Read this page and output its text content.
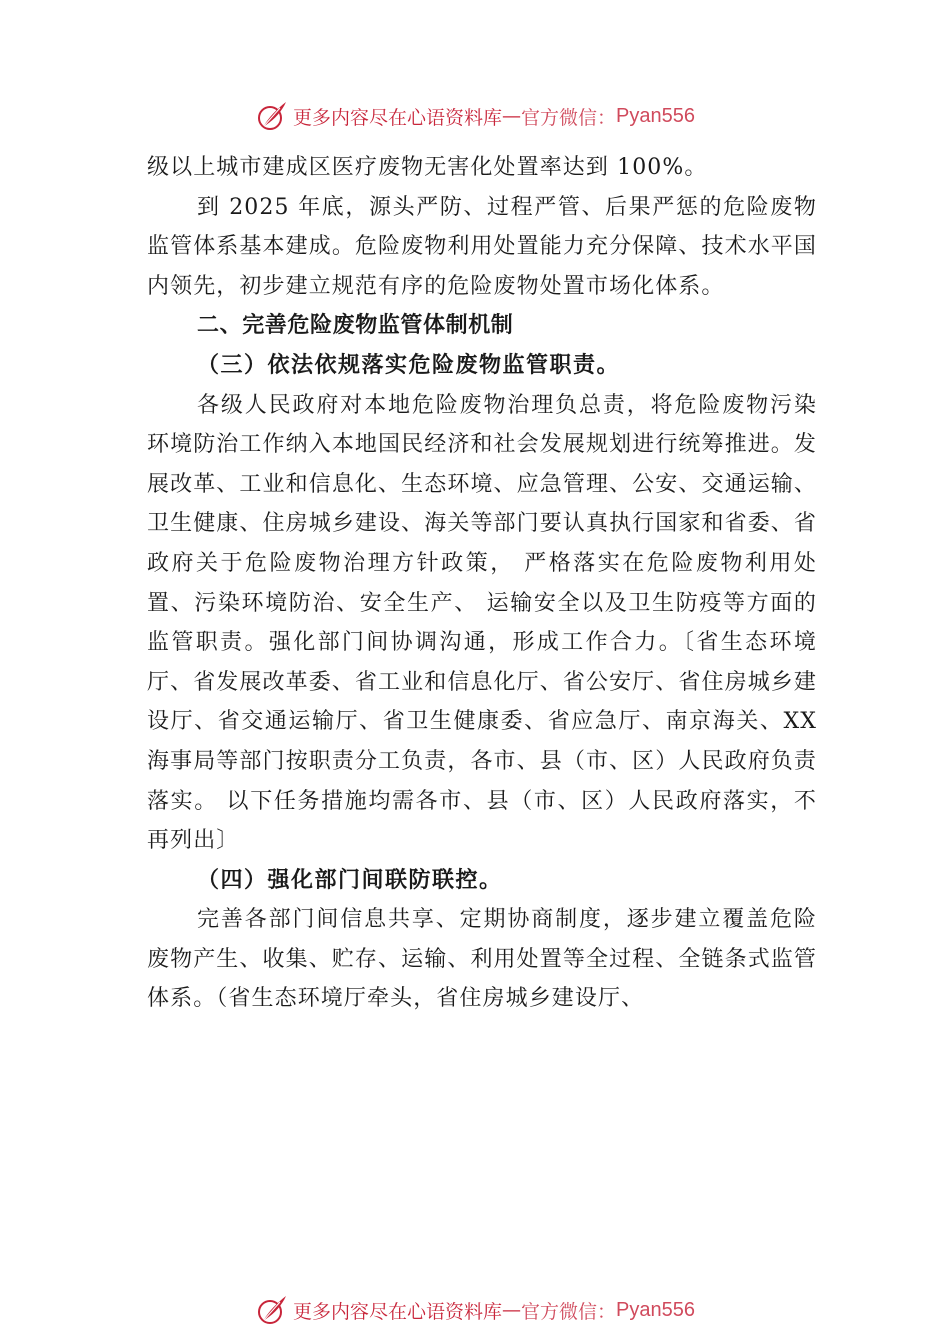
更多内容尽在心语资料库 — 官方微信： Pyan556

级以上城市建成区医疗废物无害化处置率达到 100%。

到 2025 年底，源头严防、过程严管、后果严惩的危险废物监管体系基本建成。危险废物利用处置能力充分保障、技术水平国内领先，初步建立规范有序的危险废物处置市场化体系。

二、完善危险废物监管体制机制

（三）依法依规落实危险废物监管职责。

各级人民政府对本地危险废物治理负总责，将危险废物污染环境防治工作纳入本地国民经济和社会发展规划进行统筹推进。发展改革、工业和信息化、生态环境、应急管理、公安、交通运输、卫生健康、住房城乡建设、海关等部门要认真执行国家和省委、省政府关于危险废物治理方针政策， 严格落实在危险废物利用处置、污染环境防治、安全生产、 运输安全以及卫生防疫等方面的监管职责。强化部门间协调沟通，形成工作合力。〔省生态环境厅、省发展改革委、省工业和信息化厅、省公安厅、省住房城乡建设厅、省交通运输厅、省卫生健康委、省应急厅、南京海关、XX 海事局等部门按职责分工负责，各市、县（市、区）人民政府负责落实。 以下任务措施均需各市、县（市、区）人民政府落实，不再列出〕

（四）强化部门间联防联控。

完善各部门间信息共享、定期协商制度，逐步建立覆盖危险废物产生、收集、贮存、运输、利用处置等全过程、全链条式监管体系。（省生态环境厅牵头，省住房城乡建设厅、

更多内容尽在心语资料库 — 官方微信： Pyan556
